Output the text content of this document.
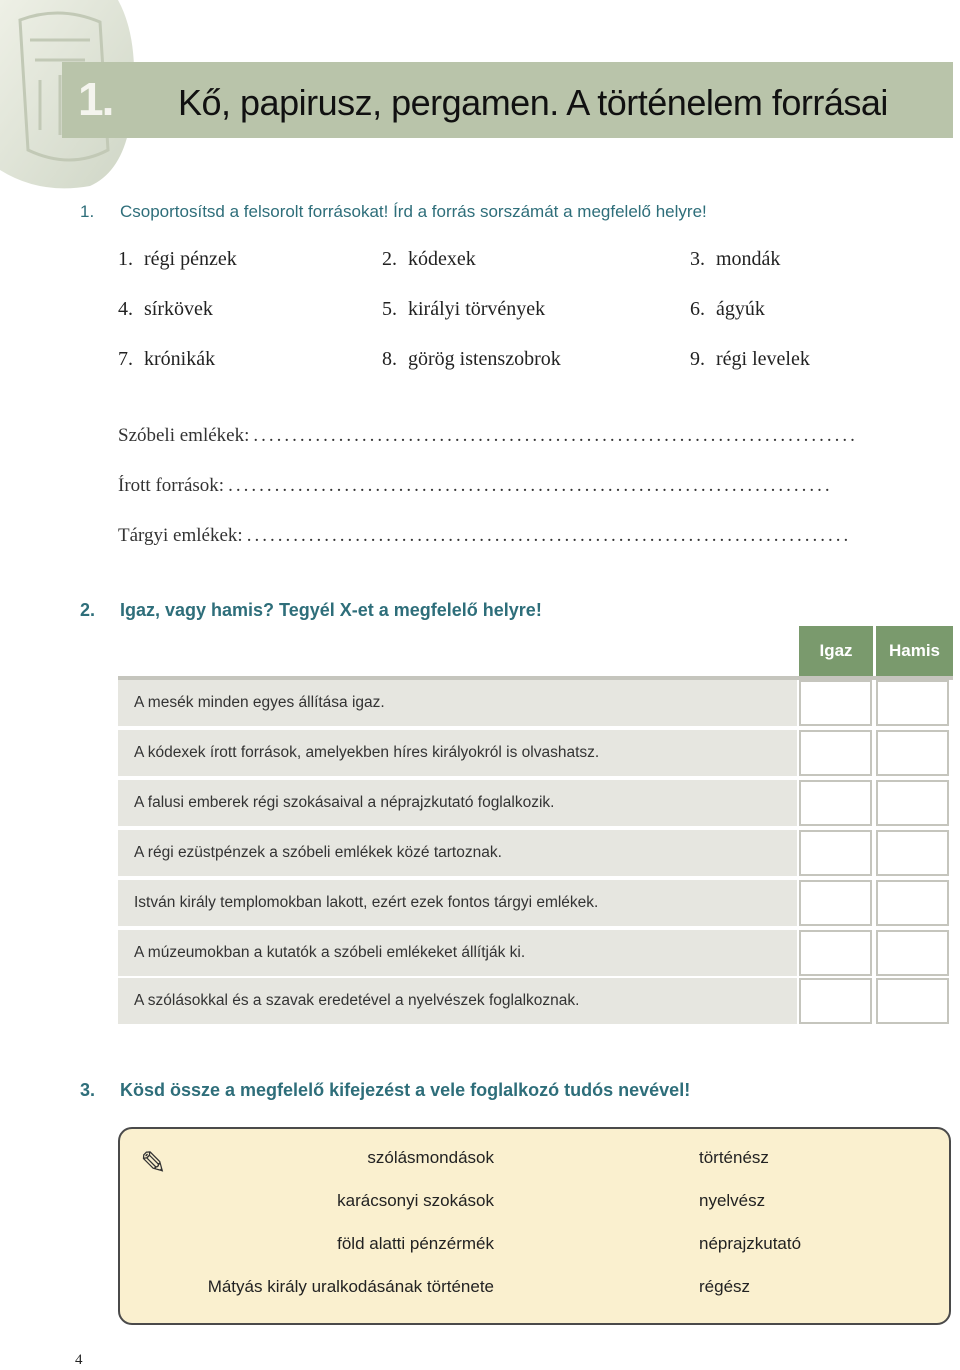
1. Kő, papirusz, pergamen. A történelem forrásai
1. Csoportosítsd a felsorolt forrásokat! Írd a forrás sorszámát a megfelelő helyre!
1. régi pénzek	2. kódexek	3. mondák
4. sírkövek	5. királyi törvények	6. ágyúk
7. krónikák	8. görög istenszobrok	9. régi levelek
Szóbeli emlékek: ..............................................................................
Írott források: ..............................................................................
Tárgyi emlékek: ..............................................................................
2. Igaz, vagy hamis? Tegyél X-et a megfelelő helyre!
Igaz	Hamis
A mesék minden egyes állítása igaz.
A kódexek írott források, amelyekben híres királyokról is olvashatsz.
A falusi emberek régi szokásaival a néprajzkutató foglalkozik.
A régi ezüstpénzek a szóbeli emlékek közé tartoznak.
István király templomokban lakott, ezért ezek fontos tárgyi emlékek.
A múzeumokban a kutatók a szóbeli emlékeket állítják ki.
A szólásokkal és a szavak eredetével a nyelvészek foglalkoznak.
3. Kösd össze a megfelelő kifejezést a vele foglalkozó tudós nevével!
✎	szólásmondások
karácsonyi szokások
föld alatti pénzérmék
Mátyás király uralkodásának története
történész
nyelvész
néprajzkutató
régész
4
